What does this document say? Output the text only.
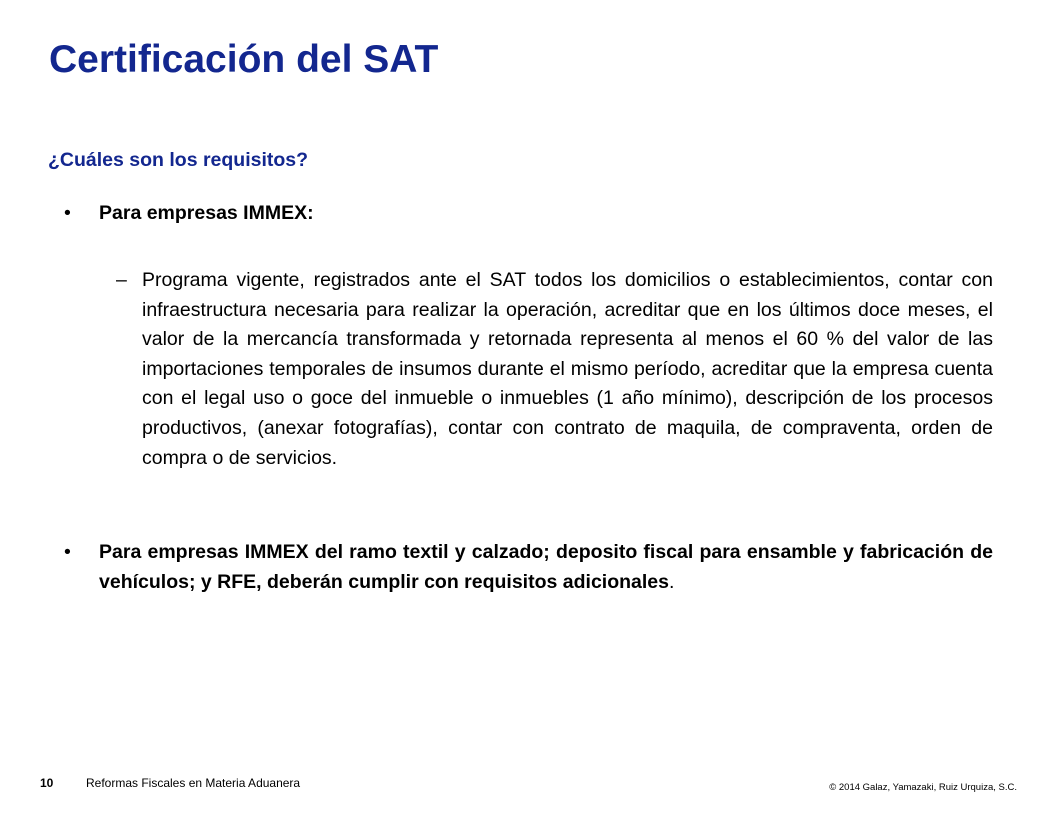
Certificación del SAT
¿Cuáles son los requisitos?
• Para empresas IMMEX:

– Programa vigente, registrados ante el SAT todos los domicilios o establecimientos, contar con infraestructura necesaria para realizar la operación, acreditar que en los últimos doce meses, el valor de la mercancía transformada y retornada representa al menos el 60 % del valor de las importaciones temporales de insumos durante el mismo período, acreditar que la empresa cuenta con el legal uso o goce del inmueble o inmuebles (1 año mínimo), descripción de los procesos productivos, (anexar fotografías), contar con contrato de maquila, de compraventa, orden de compra o de servicios.

• Para empresas IMMEX del ramo textil y calzado; deposito fiscal para ensamble y fabricación de vehículos; y RFE, deberán cumplir con requisitos adicionales.

10	Reformas Fiscales en Materia Aduanera	© 2014 Galaz, Yamazaki, Ruiz Urquiza, S.C.
